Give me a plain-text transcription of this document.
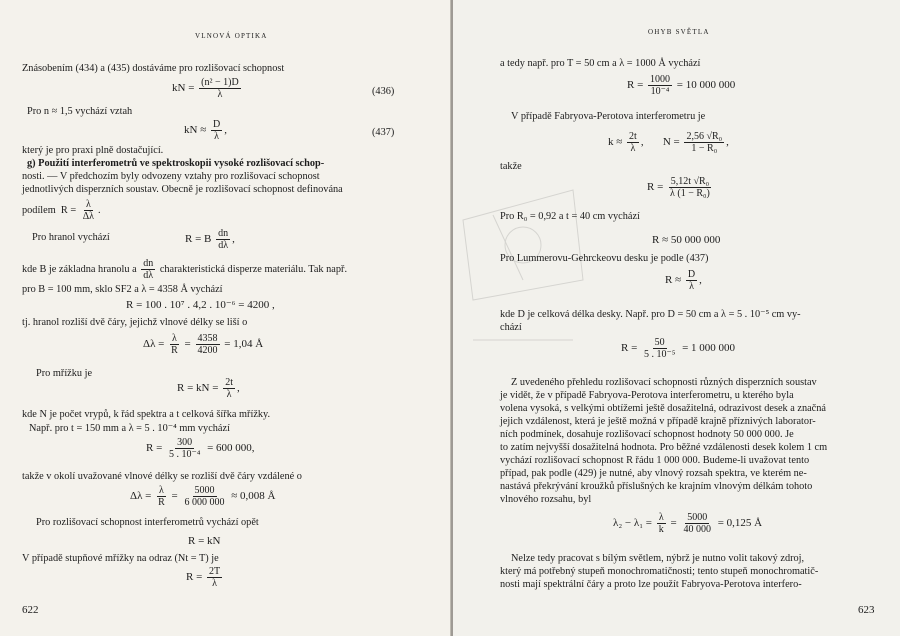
VLNOVÁ OPTIKA
Znásobením (434) a (435) dostáváme pro rozlišovací schopnost
kN = $\frac{\text{(n² − 1)D}}{\lambda}$	(436)
Pro n ≈ 1,5 vychází vztah
kN ≈ $\frac{D}{\lambda}$ ,	(437)
který je pro praxi plně dostačující.
g) Použití interferometrů ve spektroskopii vysoké rozlišovací schop-
nosti. — V předchozím byly odvozeny vztahy pro rozlišovací schopnost
jednotlivých disperzních soustav. Obecně je rozlišovací schopnost definována
podílem $R = \frac{\lambda}{\Delta\lambda}$ .
Pro hranol vychází	R = B $\frac{dn}{d\lambda}$ ,
kde B je základna hranolu a $\frac{dn}{d\lambda}$ charakteristická disperze materiálu. Tak např.
pro B = 100 mm, sklo SF2 a λ = 4358 Å vychází
R = 100 . 10⁷ . 4,2 . 10⁻⁶ = 4200 ,
tj. hranol rozliší dvě čáry, jejichž vlnové délky se liší o
$\Delta\lambda = \frac{\lambda}{R} = \frac{4358}{4200} = 1,04$ Å
Pro mřížku je
R = kN = $\frac{2t}{\lambda}$ ,
kde N je počet vrypů, k řád spektra a t celková šířka mřížky.
Např. pro t = 150 mm a λ = 5 . 10⁻⁴ mm vychází
$R = \frac{300}{\text{5 . 10⁻⁴}} = 600$ 000,
takže v okolí uvažované vlnové délky se rozliší dvě čáry vzdálené o
$\Delta\lambda = \frac{\lambda}{R} = \frac{5000}{6 000 000} \approx 0,008$ Å
Pro rozlišovací schopnost interferometrů vychází opět
R = kN
V případě stupňové mřížky na odraz (Nt = T) je
$R = \frac{2T}{\lambda}$
622
OHYB SVĚTLA
a tedy např. pro T = 50 cm a λ = 1000 Å vychází
$R = \frac{1000}{\text{10⁻⁴}} = 10$ 000 000
V případě Fabryova-Perotova interferometru je
$k \approx \frac{2t}{\lambda}$ , $N = \frac{\text{2,56 √R₀}}{\text{1 − R₀}}$ ,
takže
$R = \frac{\text{5,12t √R₀}}{\text{λ (1 − R₀)}}$
Pro R₀ = 0,92 a t = 40 cm vychází
R ≈ 50 000 000
Pro Lummerovu-Gehrckeovu desku je podle (437)
$R \approx \frac{D}{\lambda}$ ,
kde D je celková délka desky. Např. pro D = 50 cm a λ = 5 . 10⁻⁵ cm vy-
chází
$R = \frac{50}{\text{5 . 10⁻⁵}} = 1$ 000 000
Z uvedeného přehledu rozlišovací schopnosti různých disperzních soustav
je vidět, že v případě Fabryova-Perotova interferometru, u kterého byla
volena vysoká, s velkými obtížemi ještě dosažitelná, odrazivost desek a značná
jejich vzdálenost, která je ještě možná v případě krajně příznivých laborator-
ních podmínek, dosahuje rozlišovací schopnost hodnoty 50 000 000. Je
to zatím nejvyšší dosažitelná hodnota. Pro běžné vzdálenosti desek kolem 1 cm
vychází rozlišovací schopnost R řádu 1 000 000. Budeme-li uvažovat tento
případ, pak podle (429) je nutné, aby vlnový rozsah spektra, ve kterém ne-
nastává překrývání kroužků příslušných ke krajním vlnovým délkám tohoto
vlnového rozsahu, byl
$\lambda_2 - \lambda_1 = \frac{\lambda}{k} = \frac{5000}{40 000} = 0,125$ Å
Nelze tedy pracovat s bílým světlem, nýbrž je nutno volit takový zdroj,
který má potřebný stupeň monochromatičnosti; tento stupeň monochromatič-
nosti mají spektrální čáry a proto lze použít Fabryova-Perotova interfero-
623
